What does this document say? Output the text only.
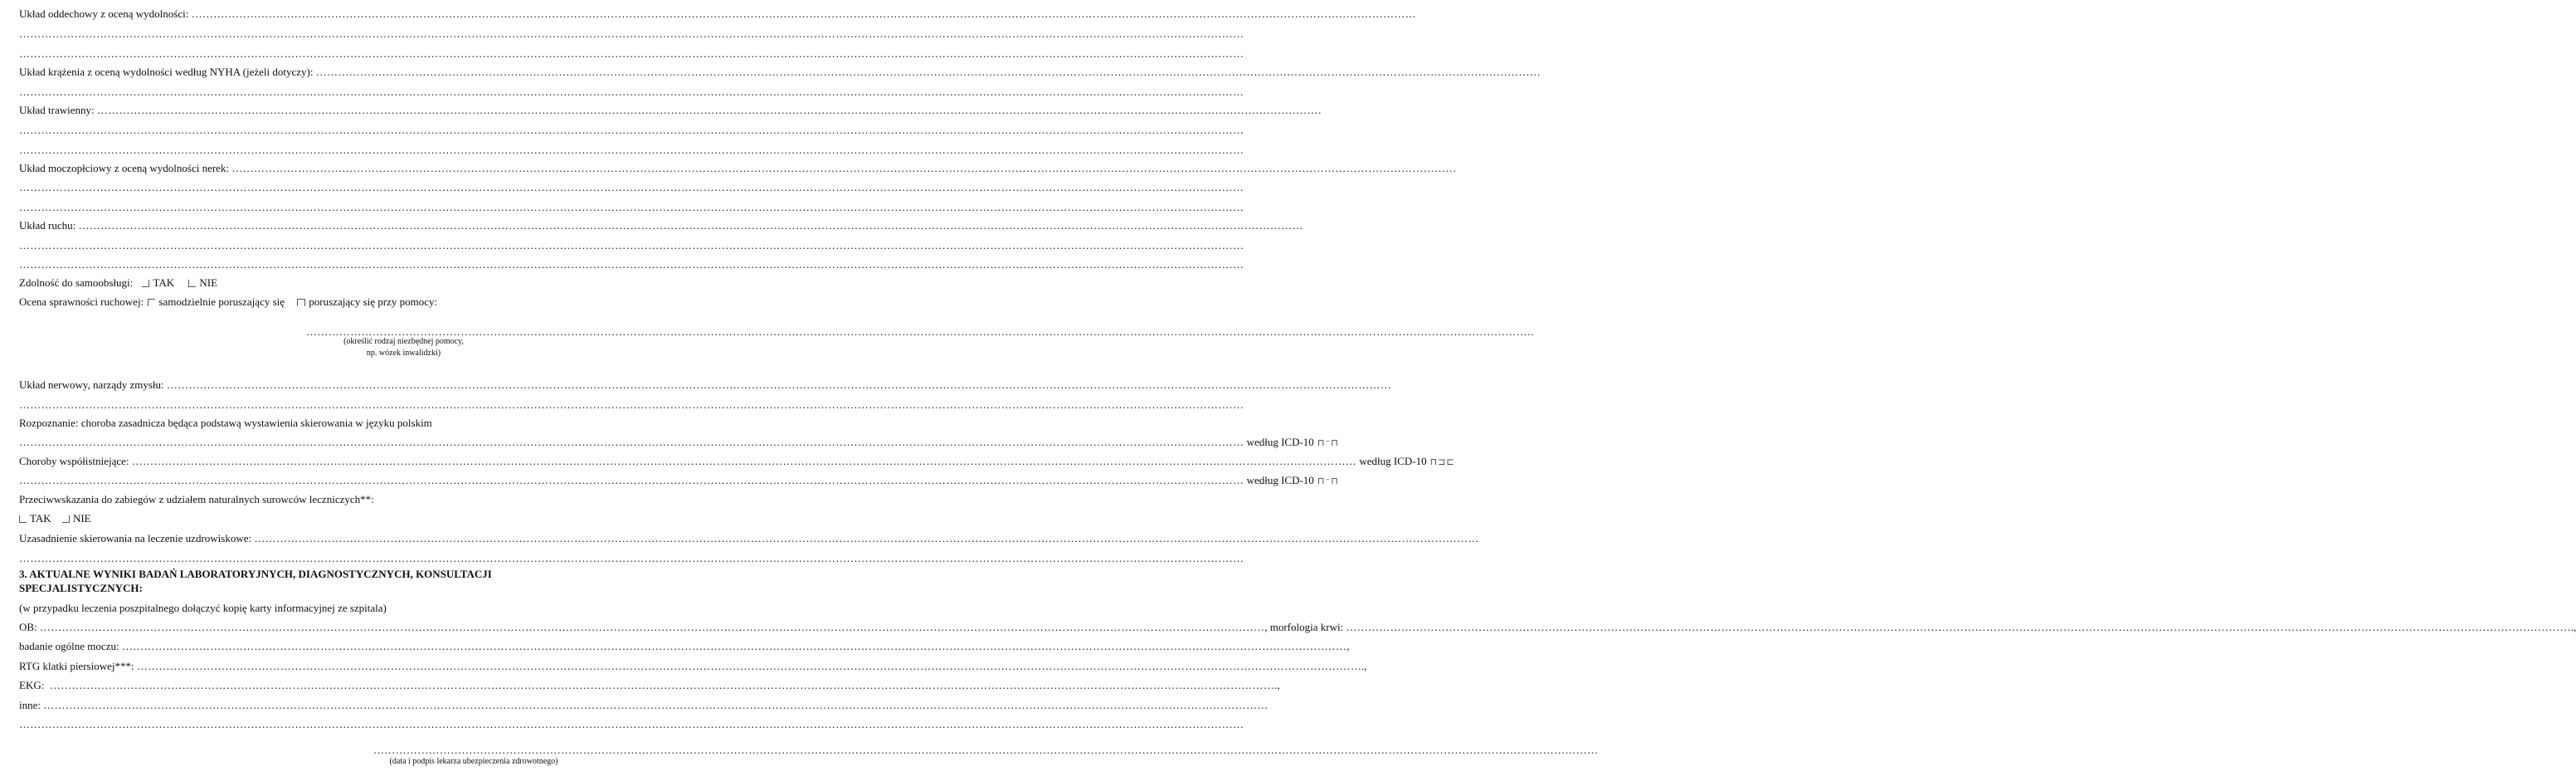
Układ oddechowy z oceną wydolności:
………………………………………………………………………………………………………………………………………………………………………………………………………………………………………………………………………………………………………
………………………………………………………………………………………………………………………………………………………………………………………………………………………………………………………………………………………………………
………………………………………………………………………………………………………………………………………………………………………………………………………………………………………………………………………………………………………
Układ krążenia z oceną wydolności według NYHA (jeżeli dotyczy):
………………………………………………………………………………………………………………………………………………………………………………………………………………………………………………………………………………………………………
………………………………………………………………………………………………………………………………………………………………………………………………………………………………………………………………………………………………………
Układ trawienny:
………………………………………………………………………………………………………………………………………………………………………………………………………………………………………………………………………………………………………
………………………………………………………………………………………………………………………………………………………………………………………………………………………………………………………………………………………………………
………………………………………………………………………………………………………………………………………………………………………………………………………………………………………………………………………………………………………
Układ moczopłciowy z oceną wydolności nerek:
………………………………………………………………………………………………………………………………………………………………………………………………………………………………………………………………………………………………………
………………………………………………………………………………………………………………………………………………………………………………………………………………………………………………………………………………………………………
………………………………………………………………………………………………………………………………………………………………………………………………………………………………………………………………………………………………………
Układ ruchu:
………………………………………………………………………………………………………………………………………………………………………………………………………………………………………………………………………………………………………
………………………………………………………………………………………………………………………………………………………………………………………………………………………………………………………………………………………………………
………………………………………………………………………………………………………………………………………………………………………………………………………………………………………………………………………………………………………
Zdolność do samoobsługi: TAK NIE
Ocena sprawności ruchowej: samodzielnie poruszający się poruszający się przy pomocy:
……………………………………………………………………………………………………………………………………………………………………………………………………………………………………………………………………………………………………… .
(określić rodzaj niezbędnej pomocy,
np. wózek inwalidzki)
Układ nerwowy, narządy zmysłu:
………………………………………………………………………………………………………………………………………………………………………………………………………………………………………………………………………………………………………
………………………………………………………………………………………………………………………………………………………………………………………………………………………………………………………………………………………………………
Rozpoznanie: choroba zasadnicza będąca podstawą wystawienia skierowania w języku polskim
………………………………………………………………………………………………………………………………………………………………………………………………………………………………………………………………………………………………………
według ICD-10 ⊓⁻⊓
Choroby współistniejące:
………………………………………………………………………………………………………………………………………………………………………………………………………………………………………………………………………………………………………
według ICD-10 ⊓⊐⊏
………………………………………………………………………………………………………………………………………………………………………………………………………………………………………………………………………………………………………
według ICD-10 ⊓⁻⊓
Przeciwwskazania do zabiegów z udziałem naturalnych surowców leczniczych**:
TAK NIE
Uzasadnienie skierowania na leczenie uzdrowiskowe:
………………………………………………………………………………………………………………………………………………………………………………………………………………………………………………………………………………………………………
………………………………………………………………………………………………………………………………………………………………………………………………………………………………………………………………………………………………………
3. AKTUALNE WYNIKI BADAŃ LABORATORYJNYCH, DIAGNOSTYCZNYCH, KONSULTACJI SPECJALISTYCZNYCH:
(w przypadku leczenia poszpitalnego dołączyć kopię karty informacyjnej ze szpitala)
OB:
……………………………………………………………………………………………………………………………………………………………………………………………………………………………………………………………………………………………………… , morfologia krwi:
……………………………………………………………………………………………………………………………………………………………………………………………………………………………………………………………………………………………………… .,
badanie ogólne moczu:
……………………………………………………………………………………………………………………………………………………………………………………………………………………………………………………………………………………………………… ,
RTG klatki piersiowej***:
……………………………………………………………………………………………………………………………………………………………………………………………………………………………………………………………………………………………………… .,
EKG:
……………………………………………………………………………………………………………………………………………………………………………………………………………………………………………………………………………………………………… .,
inne:
………………………………………………………………………………………………………………………………………………………………………………………………………………………………………………………………………………………………………
………………………………………………………………………………………………………………………………………………………………………………………………………………………………………………………………………………………………………
………………………………………………………………………………………………………………………………………………………………………………………………………………………………………………………………………………………………………
(data i podpis lekarza ubezpieczenia zdrowotnego)
